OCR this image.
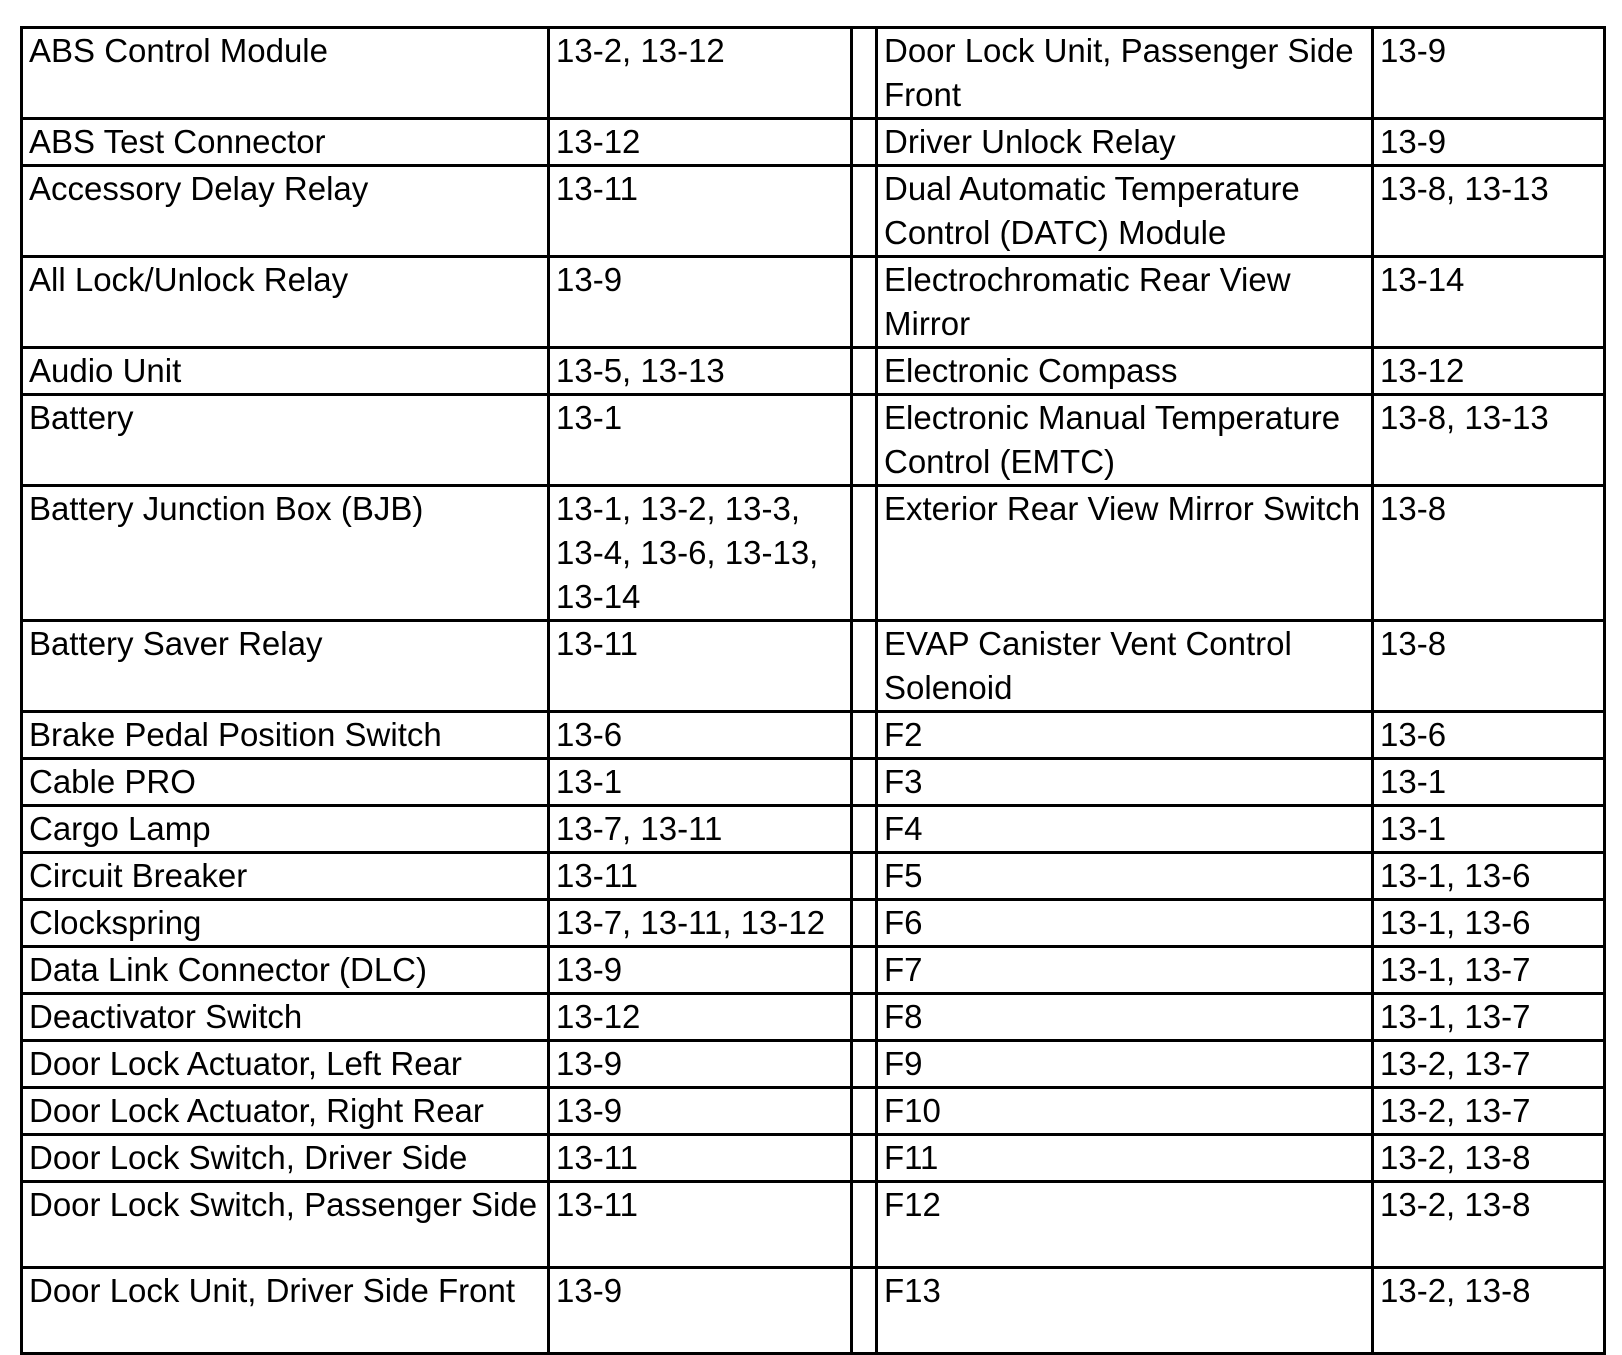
ABS Control Module	13-2, 13-12		Door Lock Unit, Passenger Side Front	13-9
ABS Test Connector	13-12		Driver Unlock Relay	13-9
Accessory Delay Relay	13-11		Dual Automatic Temperature Control (DATC) Module	13-8, 13-13
All Lock/Unlock Relay	13-9		Electrochromatic Rear View Mirror	13-14
Audio Unit	13-5, 13-13		Electronic Compass	13-12
Battery	13-1		Electronic Manual Temperature Control (EMTC)	13-8, 13-13
Battery Junction Box (BJB)	13-1, 13-2, 13-3, 13-4, 13-6, 13-13, 13-14		Exterior Rear View Mirror Switch	13-8
Battery Saver Relay	13-11		EVAP Canister Vent Control Solenoid	13-8
Brake Pedal Position Switch	13-6		F2	13-6
Cable PRO	13-1		F3	13-1
Cargo Lamp	13-7, 13-11		F4	13-1
Circuit Breaker	13-11		F5	13-1, 13-6
Clockspring	13-7, 13-11, 13-12		F6	13-1, 13-6
Data Link Connector (DLC)	13-9		F7	13-1, 13-7
Deactivator Switch	13-12		F8	13-1, 13-7
Door Lock Actuator, Left Rear	13-9		F9	13-2, 13-7
Door Lock Actuator, Right Rear	13-9		F10	13-2, 13-7
Door Lock Switch, Driver Side	13-11		F11	13-2, 13-8
Door Lock Switch, Passenger Side	13-11		F12	13-2, 13-8
Door Lock Unit, Driver Side Front	13-9		F13	13-2, 13-8
